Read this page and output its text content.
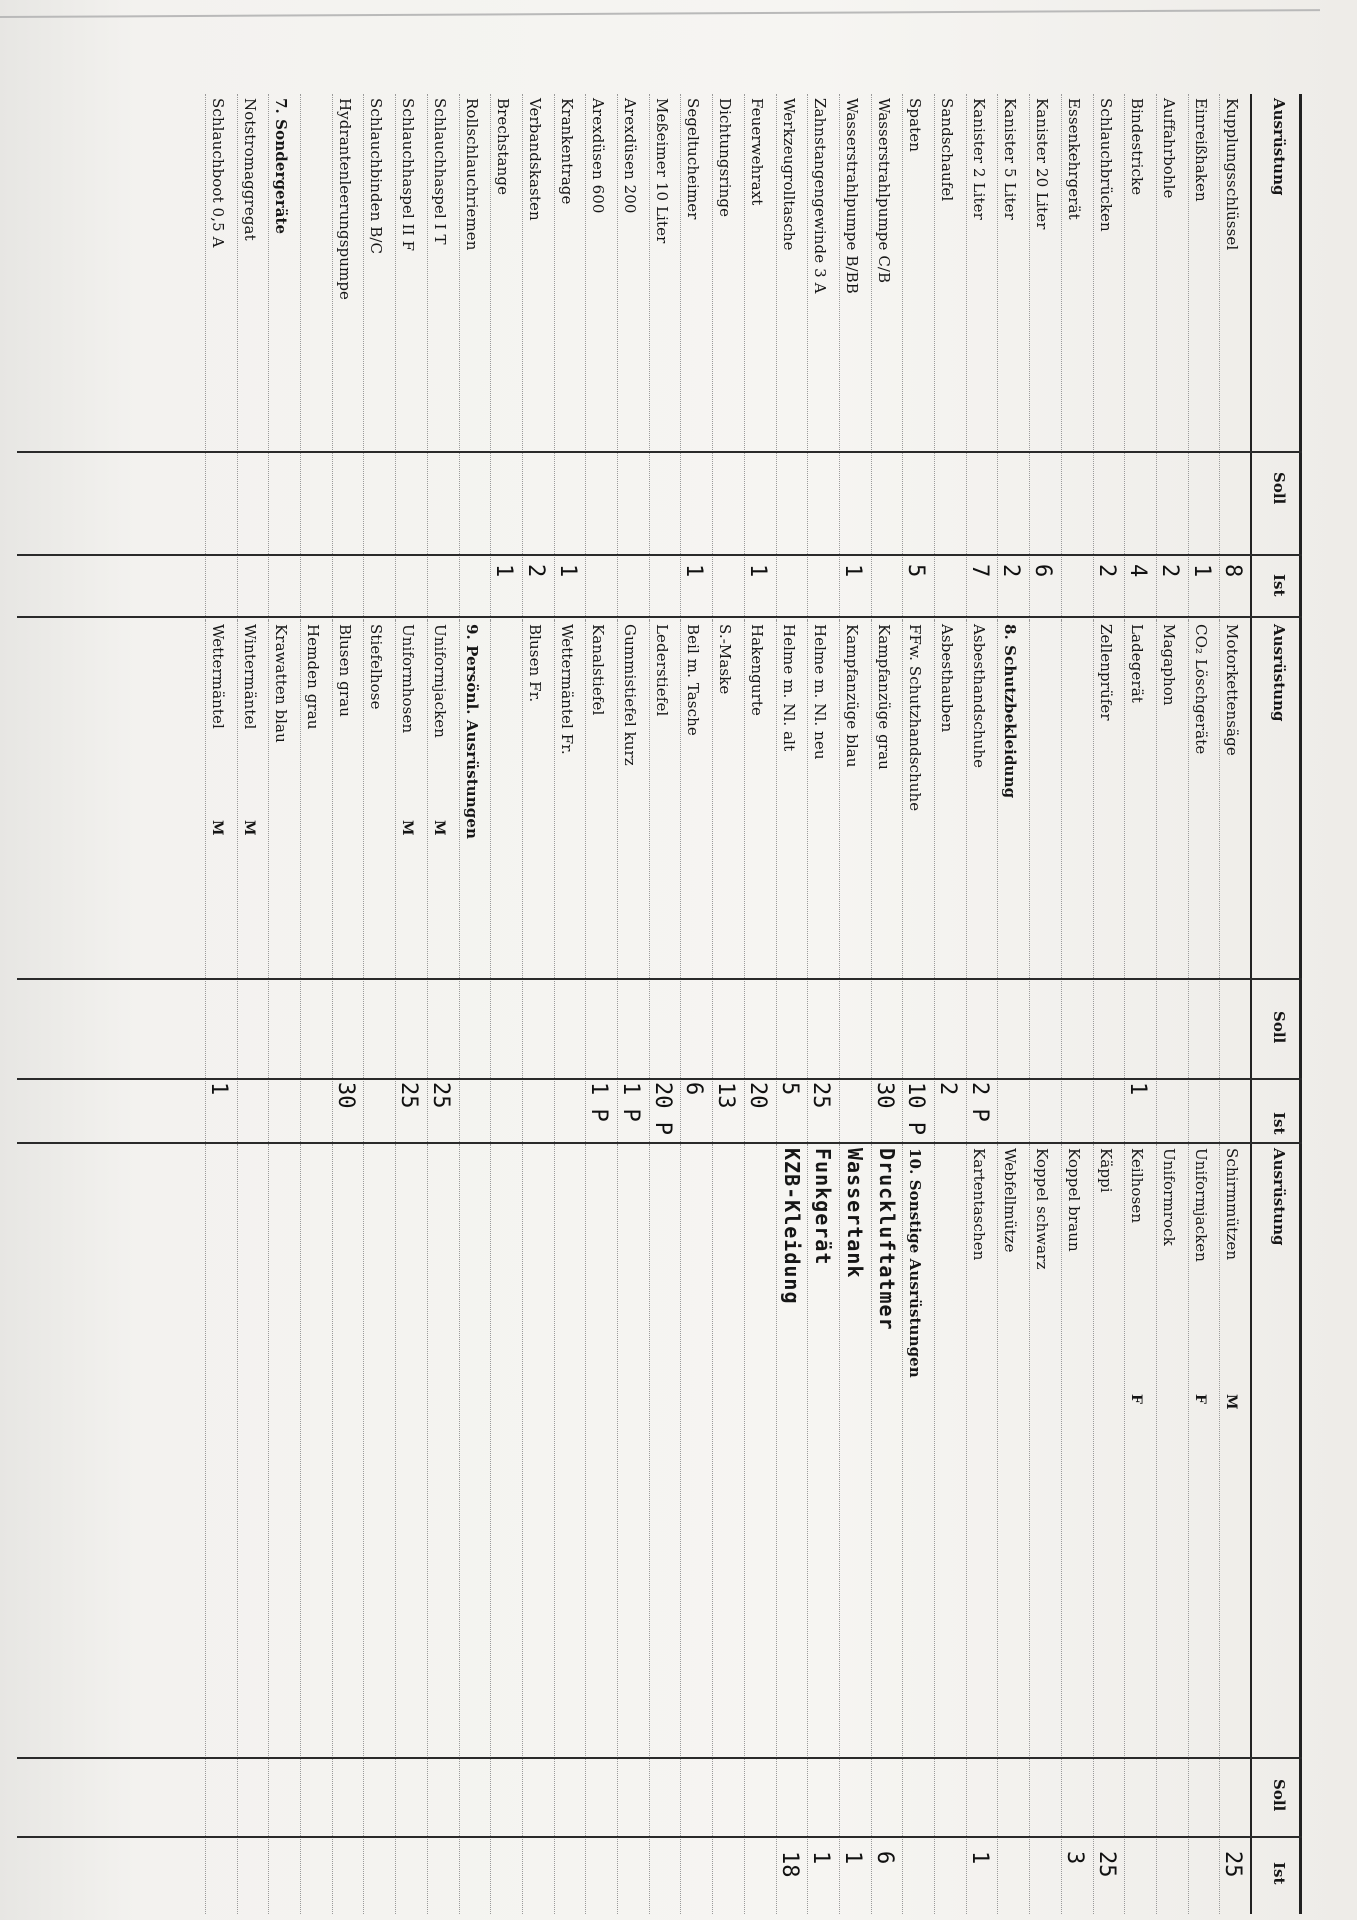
Ausrüstung
Soll
Ist
Kupplungsschlüssel
8
Einreißhaken
1
Auffahrbohle
2
Bindestricke
4
Schlauchbrücken
2
Essenkehrgerät
Kanister 20 Liter
6
Kanister 5 Liter
2
Kanister 2 Liter
7
Sandschaufel
Spaten
5
Wasserstrahlpumpe C/B
Wasserstrahlpumpe B/BB
1
Zahnstangengewinde 3 A
Werkzeugrolltasche
Feuerwehraxt
1
Dichtungsringe
Segeltucheimer
1
Meßeimer 10 Liter
Arexdüsen 200
Arexdüsen 600
Krankentrage
1
Verbandskasten
2
Brechstange
1
Rollschlauchriemen
Schlauchhaspel I T
Schlauchhaspel II F
Schlauchbinden B/C
Hydrantenleerungspumpe
7. Sondergeräte
Notstromaggregat
Schlauchboot 0,5 A
Ausrüstung
Soll
Ist
Motorkettensäge
CO₂ Löschgeräte
Magaphon
Ladegerät
1
Zellenprüfer
8. Schutzbekleidung
Asbesthandschuhe
2 P
Asbesthauben
2
FFw. Schutzhandschuhe
10 P
Kampfanzüge grau
30
Kampfanzüge blau
Helme m. Nl. neu
25
Helme m. Nl. alt
5
Hakengurte
20
S.-Maske
13
Beil m. Tasche
6
Lederstiefel
20 P
Gummistiefel kurz
1 P
Kanalstiefel
1 P
Wettermäntel Fr.
Blusen Fr.
9. Persönl. Ausrüstungen
Uniformjacken
M
25
Uniformhosen
M
25
Stiefelhose
Blusen grau
30
Hemden grau
Krawatten blau
Wintermäntel
M
Wettermäntel
M
1
Ausrüstung
Soll
Ist
Schirmmützen
M
25
Uniformjacken
F
Uniformrock
Keilhosen
F
Käppi
25
Koppel braun
3
Koppel schwarz
Webfellmütze
Kartentaschen
1
10. Sonstige Ausrüstungen
Druckluftatmer
6
Wassertank
1
Funkgerät
1
KZB-Kleidung
18
